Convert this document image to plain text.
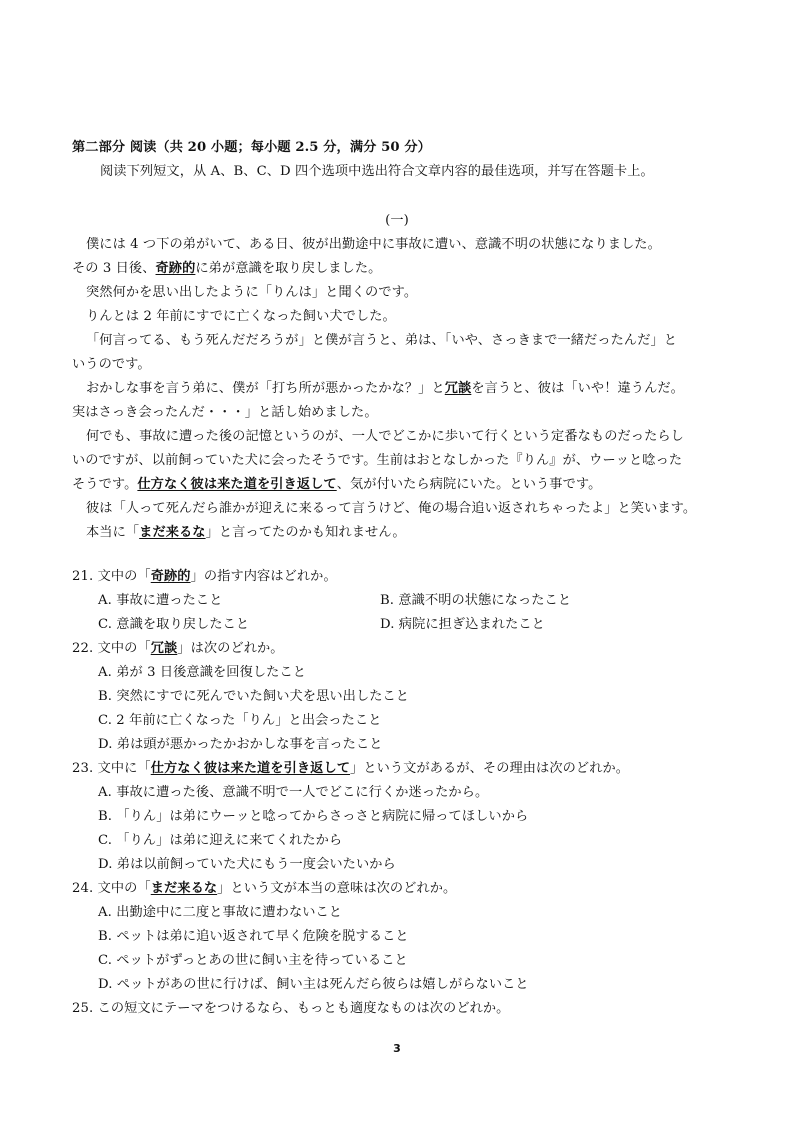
第二部分 阅读（共 20 小题；每小题 2.5 分，满分 50 分）
阅读下列短文，从 A、B、C、D 四个选项中选出符合文章内容的最佳选项，并写在答题卡上。
(一)
僕には 4 つ下の弟がいて、ある日、彼が出勤途中に事故に遭い、意識不明の状態になりました。
その 3 日後、奇跡的に弟が意識を取り戻しました。
突然何かを思い出したように「りんは」と聞くのです。
りんとは 2 年前にすでに亡くなった飼い犬でした。
「何言ってる、もう死んだだろうが」と僕が言うと、弟は、「いや、さっきまで一緒だったんだ」と
いうのです。
おかしな事を言う弟に、僕が「打ち所が悪かったかな？」と冗談を言うと、彼は「いや！違うんだ。
実はさっき会ったんだ・・・」と話し始めました。
何でも、事故に遭った後の記憶というのが、一人でどこかに歩いて行くという定番なものだったらし
いのですが、以前飼っていた犬に会ったそうです。生前はおとなしかった『りん』が、ウーッと唸った
そうです。仕方なく彼は来た道を引き返して、気が付いたら病院にいた。という事です。
彼は「人って死んだら誰かが迎えに来るって言うけど、俺の場合追い返されちゃったよ」と笑います。
本当に「まだ来るな」と言ってたのかも知れません。
21. 文中の「奇跡的」の指す内容はどれか。
A. 事故に遭ったこと	B. 意識不明の状態になったこと
C. 意識を取り戻したこと	D. 病院に担ぎ込まれたこと
22. 文中の「冗談」は次のどれか。
A. 弟が 3 日後意識を回復したこと
B. 突然にすでに死んでいた飼い犬を思い出したこと
C. 2 年前に亡くなった「りん」と出会ったこと
D. 弟は頭が悪かったかおかしな事を言ったこと
23. 文中に「仕方なく彼は来た道を引き返して」という文があるが、その理由は次のどれか。
A. 事故に遭った後、意識不明で一人でどこに行くか迷ったから。
B. 「りん」は弟にウーッと唸ってからさっさと病院に帰ってほしいから
C. 「りん」は弟に迎えに来てくれたから
D. 弟は以前飼っていた犬にもう一度会いたいから
24. 文中の「まだ来るな」という文が本当の意味は次のどれか。
A. 出勤途中に二度と事故に遭わないこと
B. ペットは弟に追い返されて早く危険を脱すること
C. ペットがずっとあの世に飼い主を待っていること
D. ペットがあの世に行けば、飼い主は死んだら彼らは嬉しがらないこと
25. この短文にテーマをつけるなら、もっとも適度なものは次のどれか。
3
